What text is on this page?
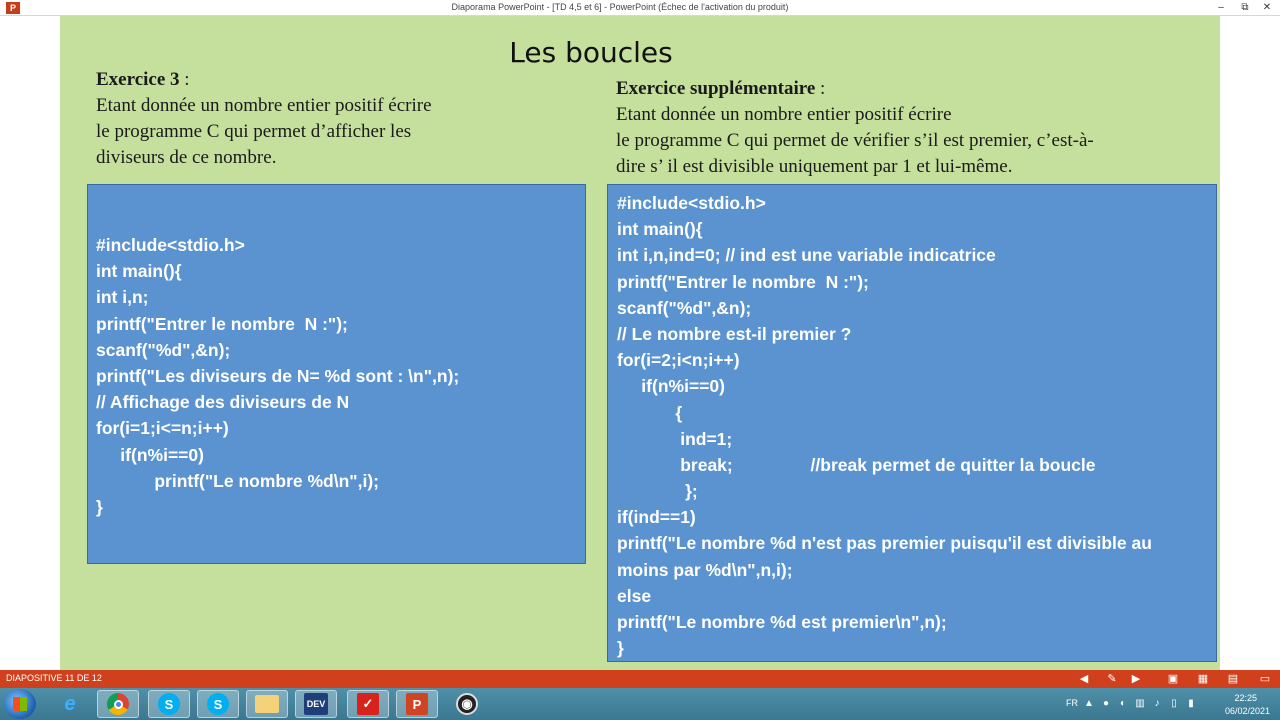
P	Diaporama PowerPoint - [TD 4,5 et 6] - PowerPoint (Échec de l'activation du produit)	–	⧉	✕
Les boucles
Exercice 3 :
Etant donnée un nombre entier positif écrire
le programme C qui permet d’afficher les
diviseurs de ce nombre.
Exercice supplémentaire :
Etant donnée un nombre entier positif écrire
le programme C qui permet de vérifier s’il est premier, c’est-à-
dire s’ il est divisible uniquement par 1 et lui-même.
#include<stdio.h>
int main(){
int i,n;
printf("Entrer le nombre  N :");
scanf("%d",&n);
printf("Les diviseurs de N= %d sont : \n",n);
// Affichage des diviseurs de N
for(i=1;i<=n;i++)
if(n%i==0)
printf("Le nombre %d\n",i);
}
#include<stdio.h>
int main(){
int i,n,ind=0; // ind est une variable indicatrice
printf("Entrer le nombre  N :");
scanf("%d",&n);
// Le nombre est-il premier ?
for(i=2;i<n;i++)
if(n%i==0)
{
ind=1;
break;                //break permet de quitter la boucle
};
if(ind==1)
printf("Le nombre %d n'est pas premier puisqu'il est divisible au
moins par %d\n",n,i);
else
printf("Le nombre %d est premier\n",n);
}
DIAPOSITIVE 11 DE 12	◀ ✎ ▶	▣ ▦ ▤ ▭
e	S	S	DEV	✓	P	◉	FR ▲ ● ◐ ▥ ♪	▯	▮	22:25
06/02/2021
